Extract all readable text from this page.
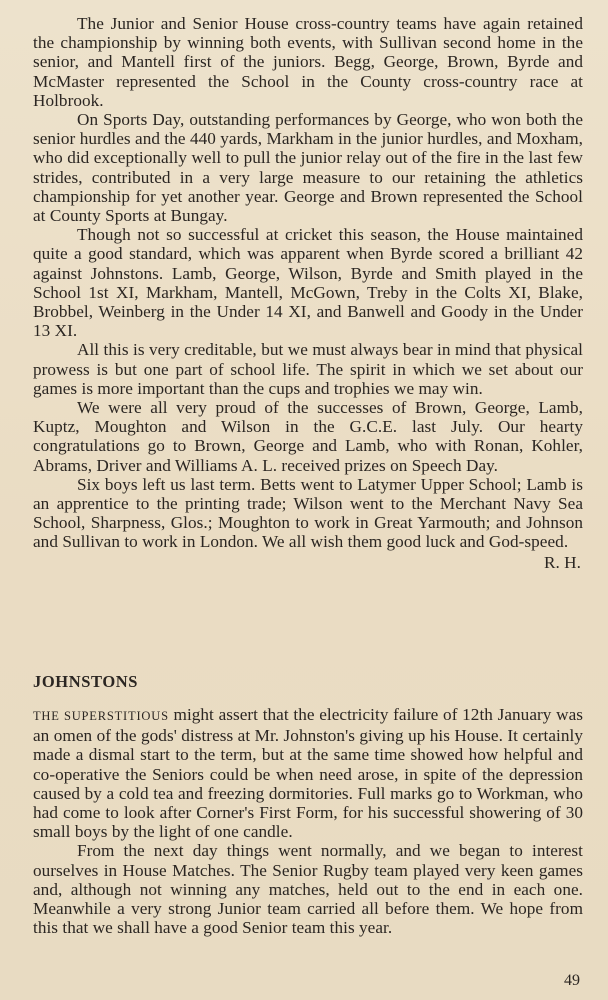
The Junior and Senior House cross-country teams have again retained the championship by winning both events, with Sullivan second home in the senior, and Mantell first of the juniors. Begg, George, Brown, Byrde and McMaster represented the School in the County cross-country race at Holbrook.

On Sports Day, outstanding performances by George, who won both the senior hurdles and the 440 yards, Markham in the junior hurdles, and Moxham, who did exceptionally well to pull the junior relay out of the fire in the last few strides, contributed in a very large measure to our retaining the athletics championship for yet another year. George and Brown represented the School at County Sports at Bungay.

Though not so successful at cricket this season, the House maintained quite a good standard, which was apparent when Byrde scored a brilliant 42 against Johnstons. Lamb, George, Wilson, Byrde and Smith played in the School 1st XI, Markham, Mantell, McGown, Treby in the Colts XI, Blake, Brobbel, Weinberg in the Under 14 XI, and Banwell and Goody in the Under 13 XI.

All this is very creditable, but we must always bear in mind that physical prowess is but one part of school life. The spirit in which we set about our games is more important than the cups and trophies we may win.

We were all very proud of the successes of Brown, George, Lamb, Kuptz, Moughton and Wilson in the G.C.E. last July. Our hearty congratulations go to Brown, George and Lamb, who with Ronan, Kohler, Abrams, Driver and Williams A. L. received prizes on Speech Day.

Six boys left us last term. Betts went to Latymer Upper School; Lamb is an apprentice to the printing trade; Wilson went to the Merchant Navy Sea School, Sharpness, Glos.; Moughton to work in Great Yarmouth; and Johnson and Sullivan to work in London. We all wish them good luck and God-speed.

R. H.
JOHNSTONS

THE SUPERSTITIOUS might assert that the electricity failure of 12th January was an omen of the gods' distress at Mr. Johnston's giving up his House. It certainly made a dismal start to the term, but at the same time showed how helpful and co-operative the Seniors could be when need arose, in spite of the depression caused by a cold tea and freezing dormitories. Full marks go to Workman, who had come to look after Corner's First Form, for his successful showering of 30 small boys by the light of one candle.

From the next day things went normally, and we began to interest ourselves in House Matches. The Senior Rugby team played very keen games and, although not winning any matches, held out to the end in each one. Meanwhile a very strong Junior team carried all before them. We hope from this that we shall have a good Senior team this year.

49
